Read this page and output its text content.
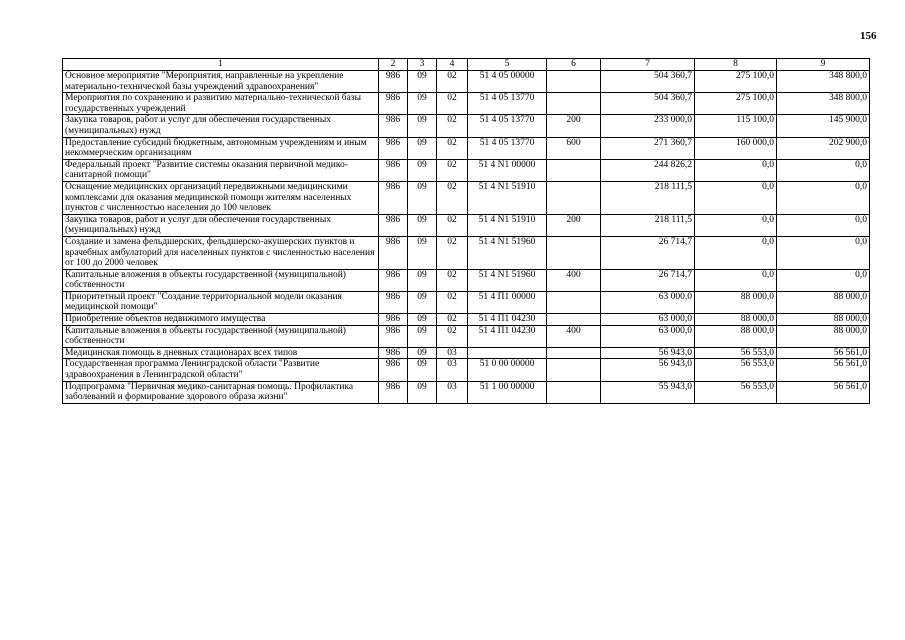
156
1	2	3	4	5	6	7	8	9
Основное мероприятие "Мероприятия, направленные на укрепление материально-технической базы учреждений здравоохранения"	986	09	02	51 4 05 00000		504 360,7	275 100,0	348 800,0
Мероприятия по сохранению и развитию материально-технической базы государственных учреждений	986	09	02	51 4 05 13770		504 360,7	275 100,0	348 800,0
Закупка товаров, работ и услуг для обеспечения государственных (муниципальных) нужд	986	09	02	51 4 05 13770	200	233 000,0	115 100,0	145 900,0
Предоставление субсидий бюджетным, автономным учреждениям и иным некоммерческим организациям	986	09	02	51 4 05 13770	600	271 360,7	160 000,0	202 900,0
Федеральный проект "Развитие системы оказания первичной медико-санитарной помощи"	986	09	02	51 4 N1 00000		244 826,2	0,0	0,0
Оснащение медицинских организаций передвижными медицинскими комплексами для оказания медицинской помощи жителям населенных пунктов с численностью населения до 100 человек	986	09	02	51 4 N1 51910		218 111,5	0,0	0,0
Закупка товаров, работ и услуг для обеспечения государственных (муниципальных) нужд	986	09	02	51 4 N1 51910	200	218 111,5	0,0	0,0
Создание и замена фельдшерских, фельдшерско-акушерских пунктов и врачебных амбулаторий для населенных пунктов с численностью населения от 100 до 2000 человек	986	09	02	51 4 N1 51960		26 714,7	0,0	0,0
Капитальные вложения в объекты государственной (муниципальной) собственности	986	09	02	51 4 N1 51960	400	26 714,7	0,0	0,0
Приоритетный проект "Создание территориальной модели оказания медицинской помощи"	986	09	02	51 4 П1 00000		63 000,0	88 000,0	88 000,0
Приобретение объектов недвижимого имущества	986	09	02	51 4 П1 04230		63 000,0	88 000,0	88 000,0
Капитальные вложения в объекты государственной (муниципальной) собственности	986	09	02	51 4 П1 04230	400	63 000,0	88 000,0	88 000,0
Медицинская помощь в дневных стационарах всех типов	986	09	03			56 943,0	56 553,0	56 561,0
Государственная программа Ленинградской области "Развитие здравоохранения в Ленинградской области"	986	09	03	51 0 00 00000		56 943,0	56 553,0	56 561,0
Подпрограмма "Первичная медико-санитарная помощь. Профилактика заболеваний и формирование здорового образа жизни"	986	09	03	51 1 00 00000		55 943,0	56 553,0	56 561,0
